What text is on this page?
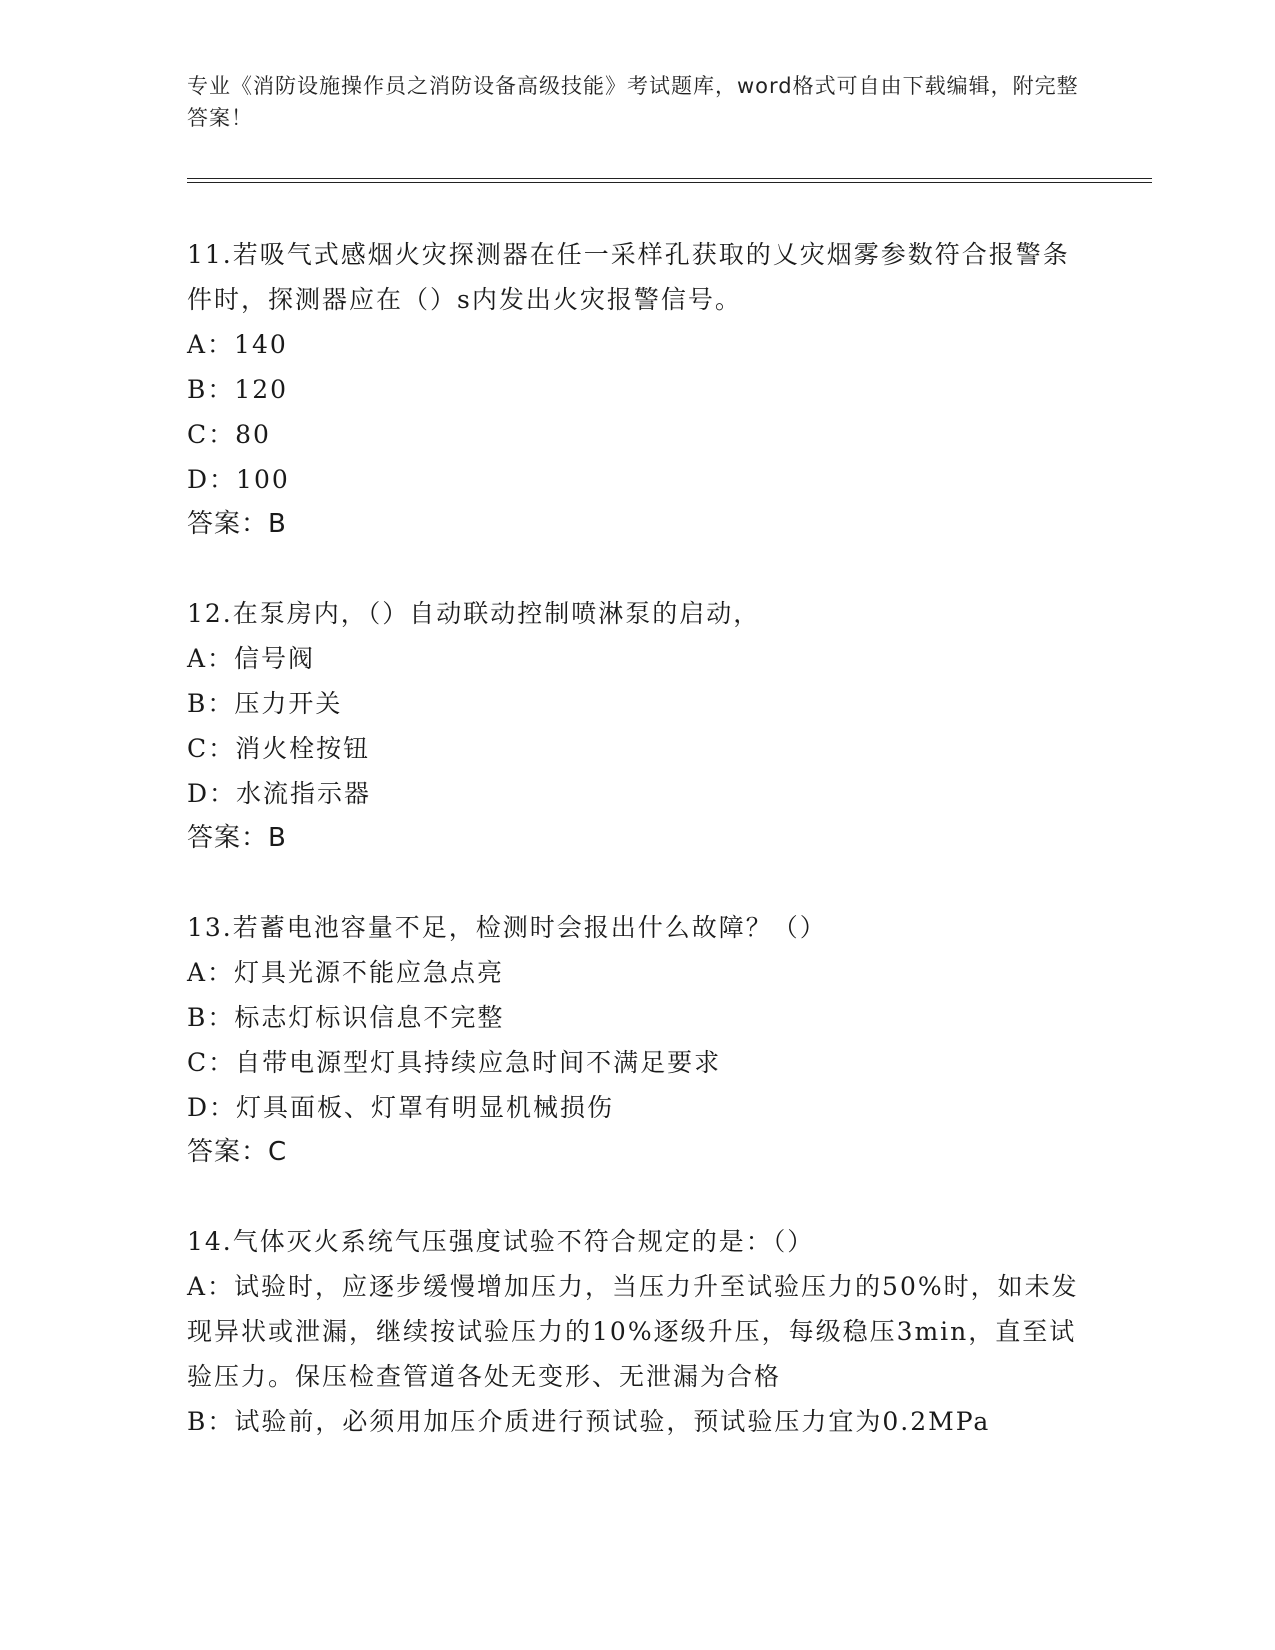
专业《消防设施操作员之消防设备高级技能》考试题库，word格式可自由下载编辑，附完整答案！
11.若吸气式感烟火灾探测器在任一采样孔获取的乂灾烟雾参数符合报警条件时，探测器应在（）s内发出火灾报警信号。
A：140
B：120
C：80
D：100
答案：B
12.在泵房内，（）自动联动控制喷淋泵的启动，
A：信号阀
B：压力开关
C：消火栓按钮
D：水流指示器
答案：B
13.若蓄电池容量不足，检测时会报出什么故障？（）
A：灯具光源不能应急点亮
B：标志灯标识信息不完整
C：自带电源型灯具持续应急时间不满足要求
D：灯具面板、灯罩有明显机械损伤
答案：C
14.气体灭火系统气压强度试验不符合规定的是：（）
A：试验时，应逐步缓慢增加压力，当压力升至试验压力的50%时，如未发现异状或泄漏，继续按试验压力的10%逐级升压，每级稳压3min，直至试验压力。保压检查管道各处无变形、无泄漏为合格
B：试验前，必须用加压介质进行预试验，预试验压力宜为0.2MPa
